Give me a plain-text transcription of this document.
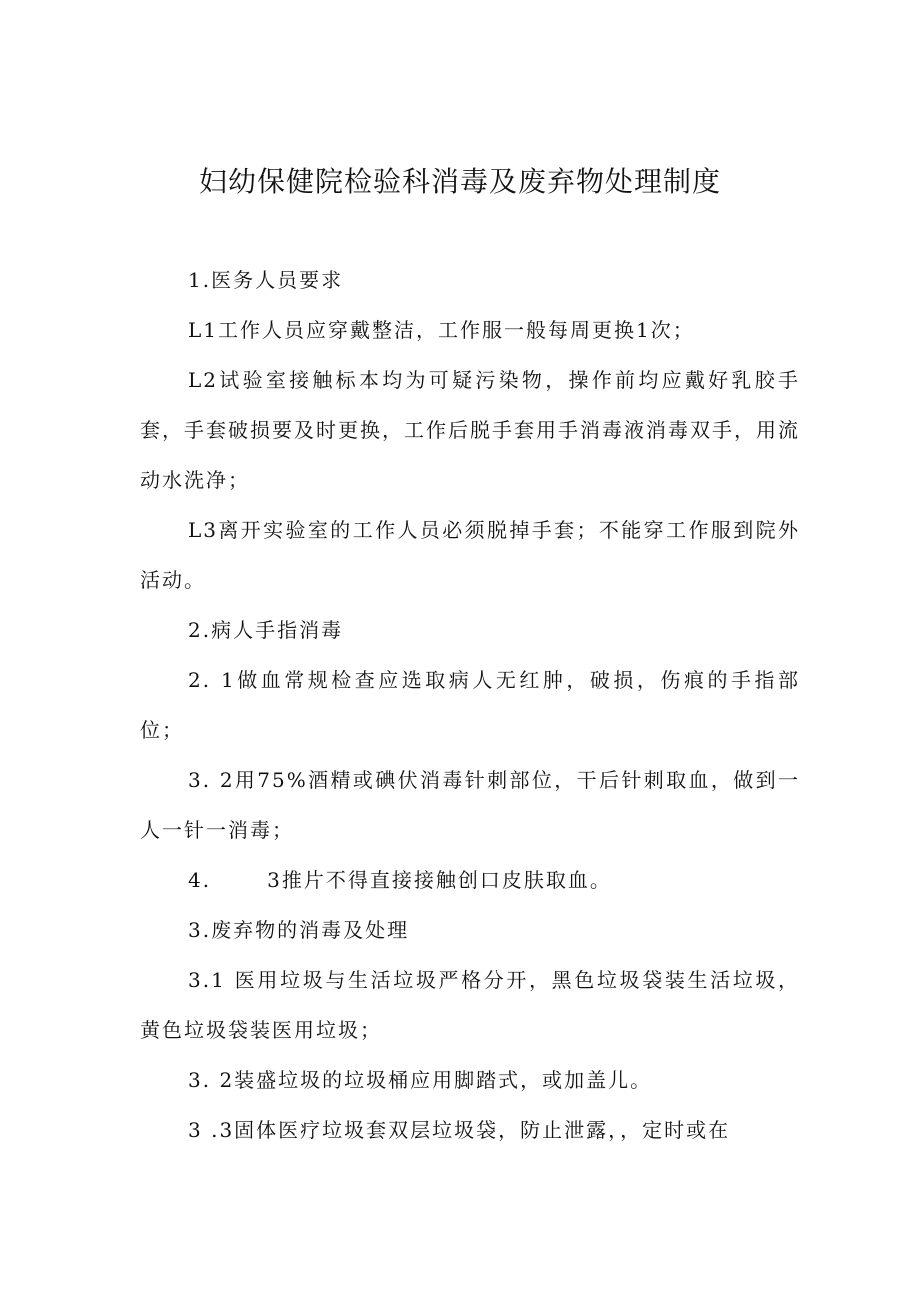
妇幼保健院检验科消毒及废弃物处理制度

1.医务人员要求

L1工作人员应穿戴整洁，工作服一般每周更换1次；

L2试验室接触标本均为可疑污染物，操作前均应戴好乳胶手套，手套破损要及时更换，工作后脱手套用手消毒液消毒双手，用流动水洗净；

L3离开实验室的工作人员必须脱掉手套；不能穿工作服到院外活动。

2.病人手指消毒

2. 1做血常规检查应选取病人无红肿，破损，伤痕的手指部位；

3. 2用75%酒精或碘伏消毒针刺部位，干后针刺取血，做到一人一针一消毒；

4.	3推片不得直接接触创口皮肤取血。

3.废弃物的消毒及处理

3.1 医用垃圾与生活垃圾严格分开，黑色垃圾袋装生活垃圾，黄色垃圾袋装医用垃圾；

3. 2装盛垃圾的垃圾桶应用脚踏式，或加盖儿。

3 .3固体医疗垃圾套双层垃圾袋，防止泄露，，定时或在
